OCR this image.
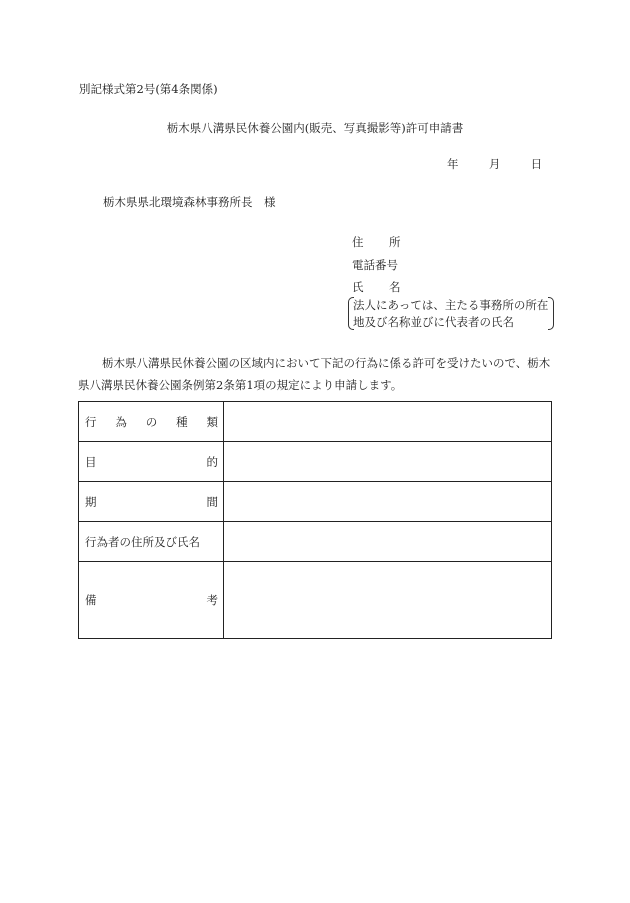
別記様式第2号(第4条関係)
栃木県八溝県民休養公園内(販売、写真撮影等)許可申請書
年	月	日
栃木県県北環境森林事務所長　様
住 所
電話番号
氏 名
法人にあっては、主たる事務所の所在
地及び名称並びに代表者の氏名

栃木県八溝県民休養公園の区域内において下記の行為に係る許可を受けたいので、栃木県八溝県民休養公園条例第2条第1項の規定により申請します。

行 為 の 種 類	

目 的	

期 間	

行為者の住所及び氏名	

備 考	
